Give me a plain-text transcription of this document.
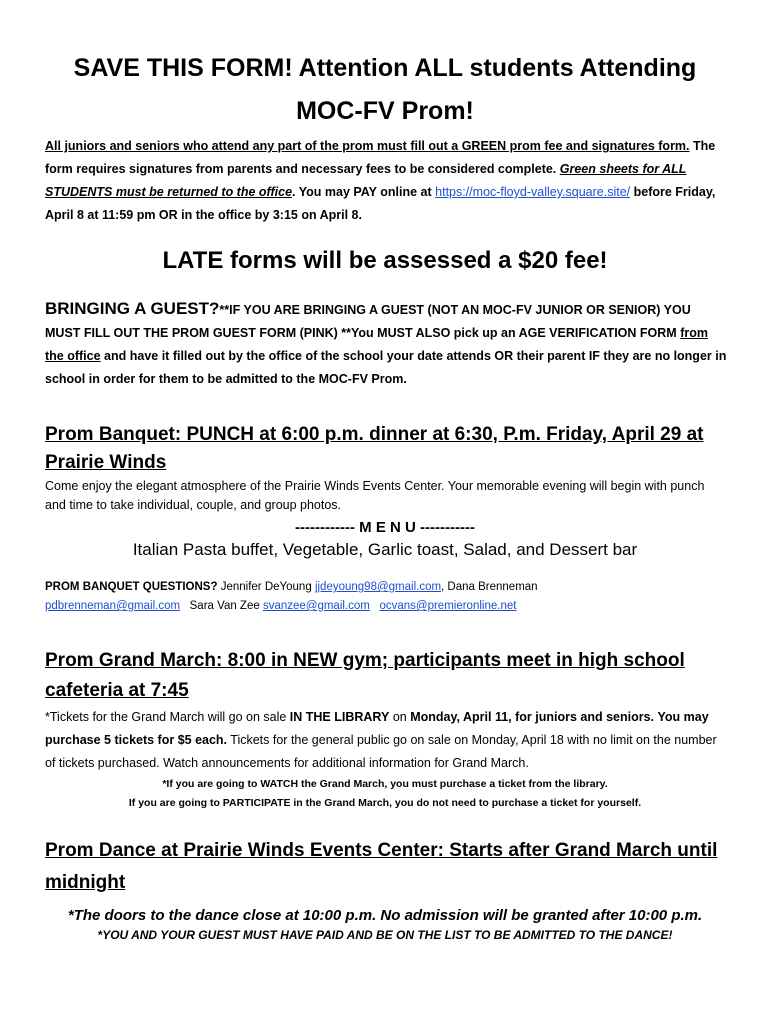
SAVE THIS FORM! Attention ALL students Attending
MOC-FV Prom!

All juniors and seniors who attend any part of the prom must fill out a GREEN prom fee and signatures form. The form requires signatures from parents and necessary fees to be considered complete. Green sheets for ALL STUDENTS must be returned to the office. You may PAY online at https://moc-floyd-valley.square.site/ before Friday, April 8 at 11:59 pm OR in the office by 3:15 on April 8.

LATE forms will be assessed a $20 fee!

BRINGING A GUEST?**IF YOU ARE BRINGING A GUEST (NOT AN MOC-FV JUNIOR OR SENIOR) YOU MUST FILL OUT THE PROM GUEST FORM (PINK) **You MUST ALSO pick up an AGE VERIFICATION FORM from the office and have it filled out by the office of the school your date attends OR their parent IF they are no longer in school in order for them to be admitted to the MOC-FV Prom.

Prom Banquet: PUNCH at 6:00 p.m. dinner at 6:30, P.m. Friday, April 29 at Prairie Winds

Come enjoy the elegant atmosphere of the Prairie Winds Events Center. Your memorable evening will begin with punch and time to take individual, couple, and group photos.

------------ M E N U -----------
Italian Pasta buffet, Vegetable, Garlic toast, Salad, and Dessert bar

PROM BANQUET QUESTIONS? Jennifer DeYoung jjdeyoung98@gmail.com, Dana Brenneman
pdbrenneman@gmail.com Sara Van Zee svanzee@gmail.com ocvans@premieronline.net

Prom Grand March: 8:00 in NEW gym; participants meet in high school cafeteria at 7:45

*Tickets for the Grand March will go on sale IN THE LIBRARY on Monday, April 11, for juniors and seniors. You may purchase 5 tickets for $5 each. Tickets for the general public go on sale on Monday, April 18 with no limit on the number of tickets purchased. Watch announcements for additional information for Grand March.

*If you are going to WATCH the Grand March, you must purchase a ticket from the library.
If you are going to PARTICIPATE in the Grand March, you do not need to purchase a ticket for yourself.
Prom Dance at Prairie Winds Events Center: Starts after Grand March until midnight
*The doors to the dance close at 10:00 p.m. No admission will be granted after 10:00 p.m.
*YOU AND YOUR GUEST MUST HAVE PAID AND BE ON THE LIST TO BE ADMITTED TO THE DANCE!
